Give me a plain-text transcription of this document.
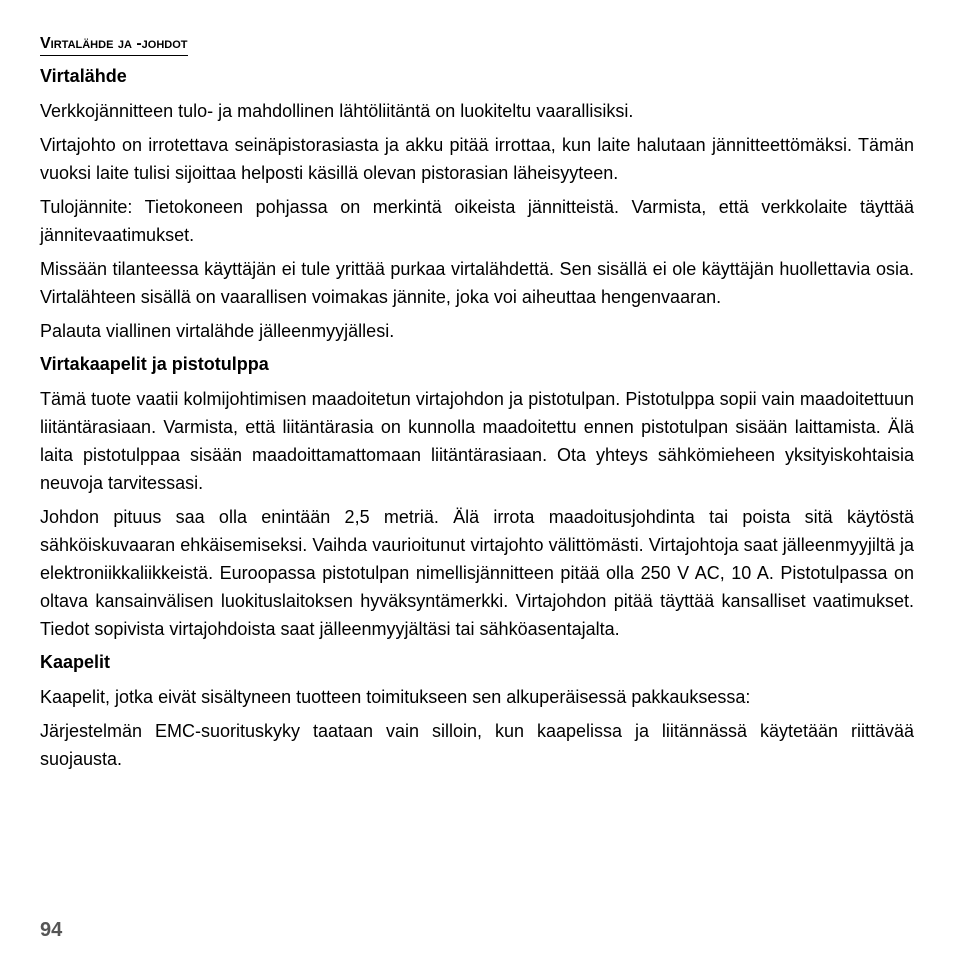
Virtalähde ja -johdot
Virtalähde

Verkkojännitteen tulo- ja mahdollinen lähtöliitäntä on luokiteltu vaarallisiksi.

Virtajohto on irrotettava seinäpistorasiasta ja akku pitää irrottaa, kun laite halutaan jännitteettömäksi. Tämän vuoksi laite tulisi sijoittaa helposti käsillä olevan pistorasian läheisyyteen.

Tulojännite: Tietokoneen pohjassa on merkintä oikeista jännitteistä. Varmista, että verkkolaite täyttää jännitevaatimukset.

Missään tilanteessa käyttäjän ei tule yrittää purkaa virtalähdettä. Sen sisällä ei ole käyttäjän huollettavia osia. Virtalähteen sisällä on vaarallisen voimakas jännite, joka voi aiheuttaa hengenvaaran.

Palauta viallinen virtalähde jälleenmyyjällesi.

Virtakaapelit ja pistotulppa

Tämä tuote vaatii kolmijohtimisen maadoitetun virtajohdon ja pistotulpan. Pistotulppa sopii vain maadoitettuun liitäntärasiaan. Varmista, että liitäntärasia on kunnolla maadoitettu ennen pistotulpan sisään laittamista. Älä laita pistotulppaa sisään maadoittamattomaan liitäntärasiaan. Ota yhteys sähkömieheen yksityiskohtaisia neuvoja tarvitessasi.

Johdon pituus saa olla enintään 2,5 metriä. Älä irrota maadoitusjohdinta tai poista sitä käytöstä sähköiskuvaaran ehkäisemiseksi. Vaihda vaurioitunut virtajohto välittömästi. Virtajohtoja saat jälleenmyyjiltä ja elektroniikkaliikkeistä. Euroopassa pistotulpan nimellisjännitteen pitää olla 250 V AC, 10 A. Pistotulpassa on oltava kansainvälisen luokituslaitoksen hyväksyntämerkki. Virtajohdon pitää täyttää kansalliset vaatimukset. Tiedot sopivista virtajohdoista saat jälleenmyyjältäsi tai sähköasentajalta.

Kaapelit

Kaapelit, jotka eivät sisältyneen tuotteen toimitukseen sen alkuperäisessä pakkauksessa:

Järjestelmän EMC-suorituskyky taataan vain silloin, kun kaapelissa ja liitännässä käytetään riittävää suojausta.

94
